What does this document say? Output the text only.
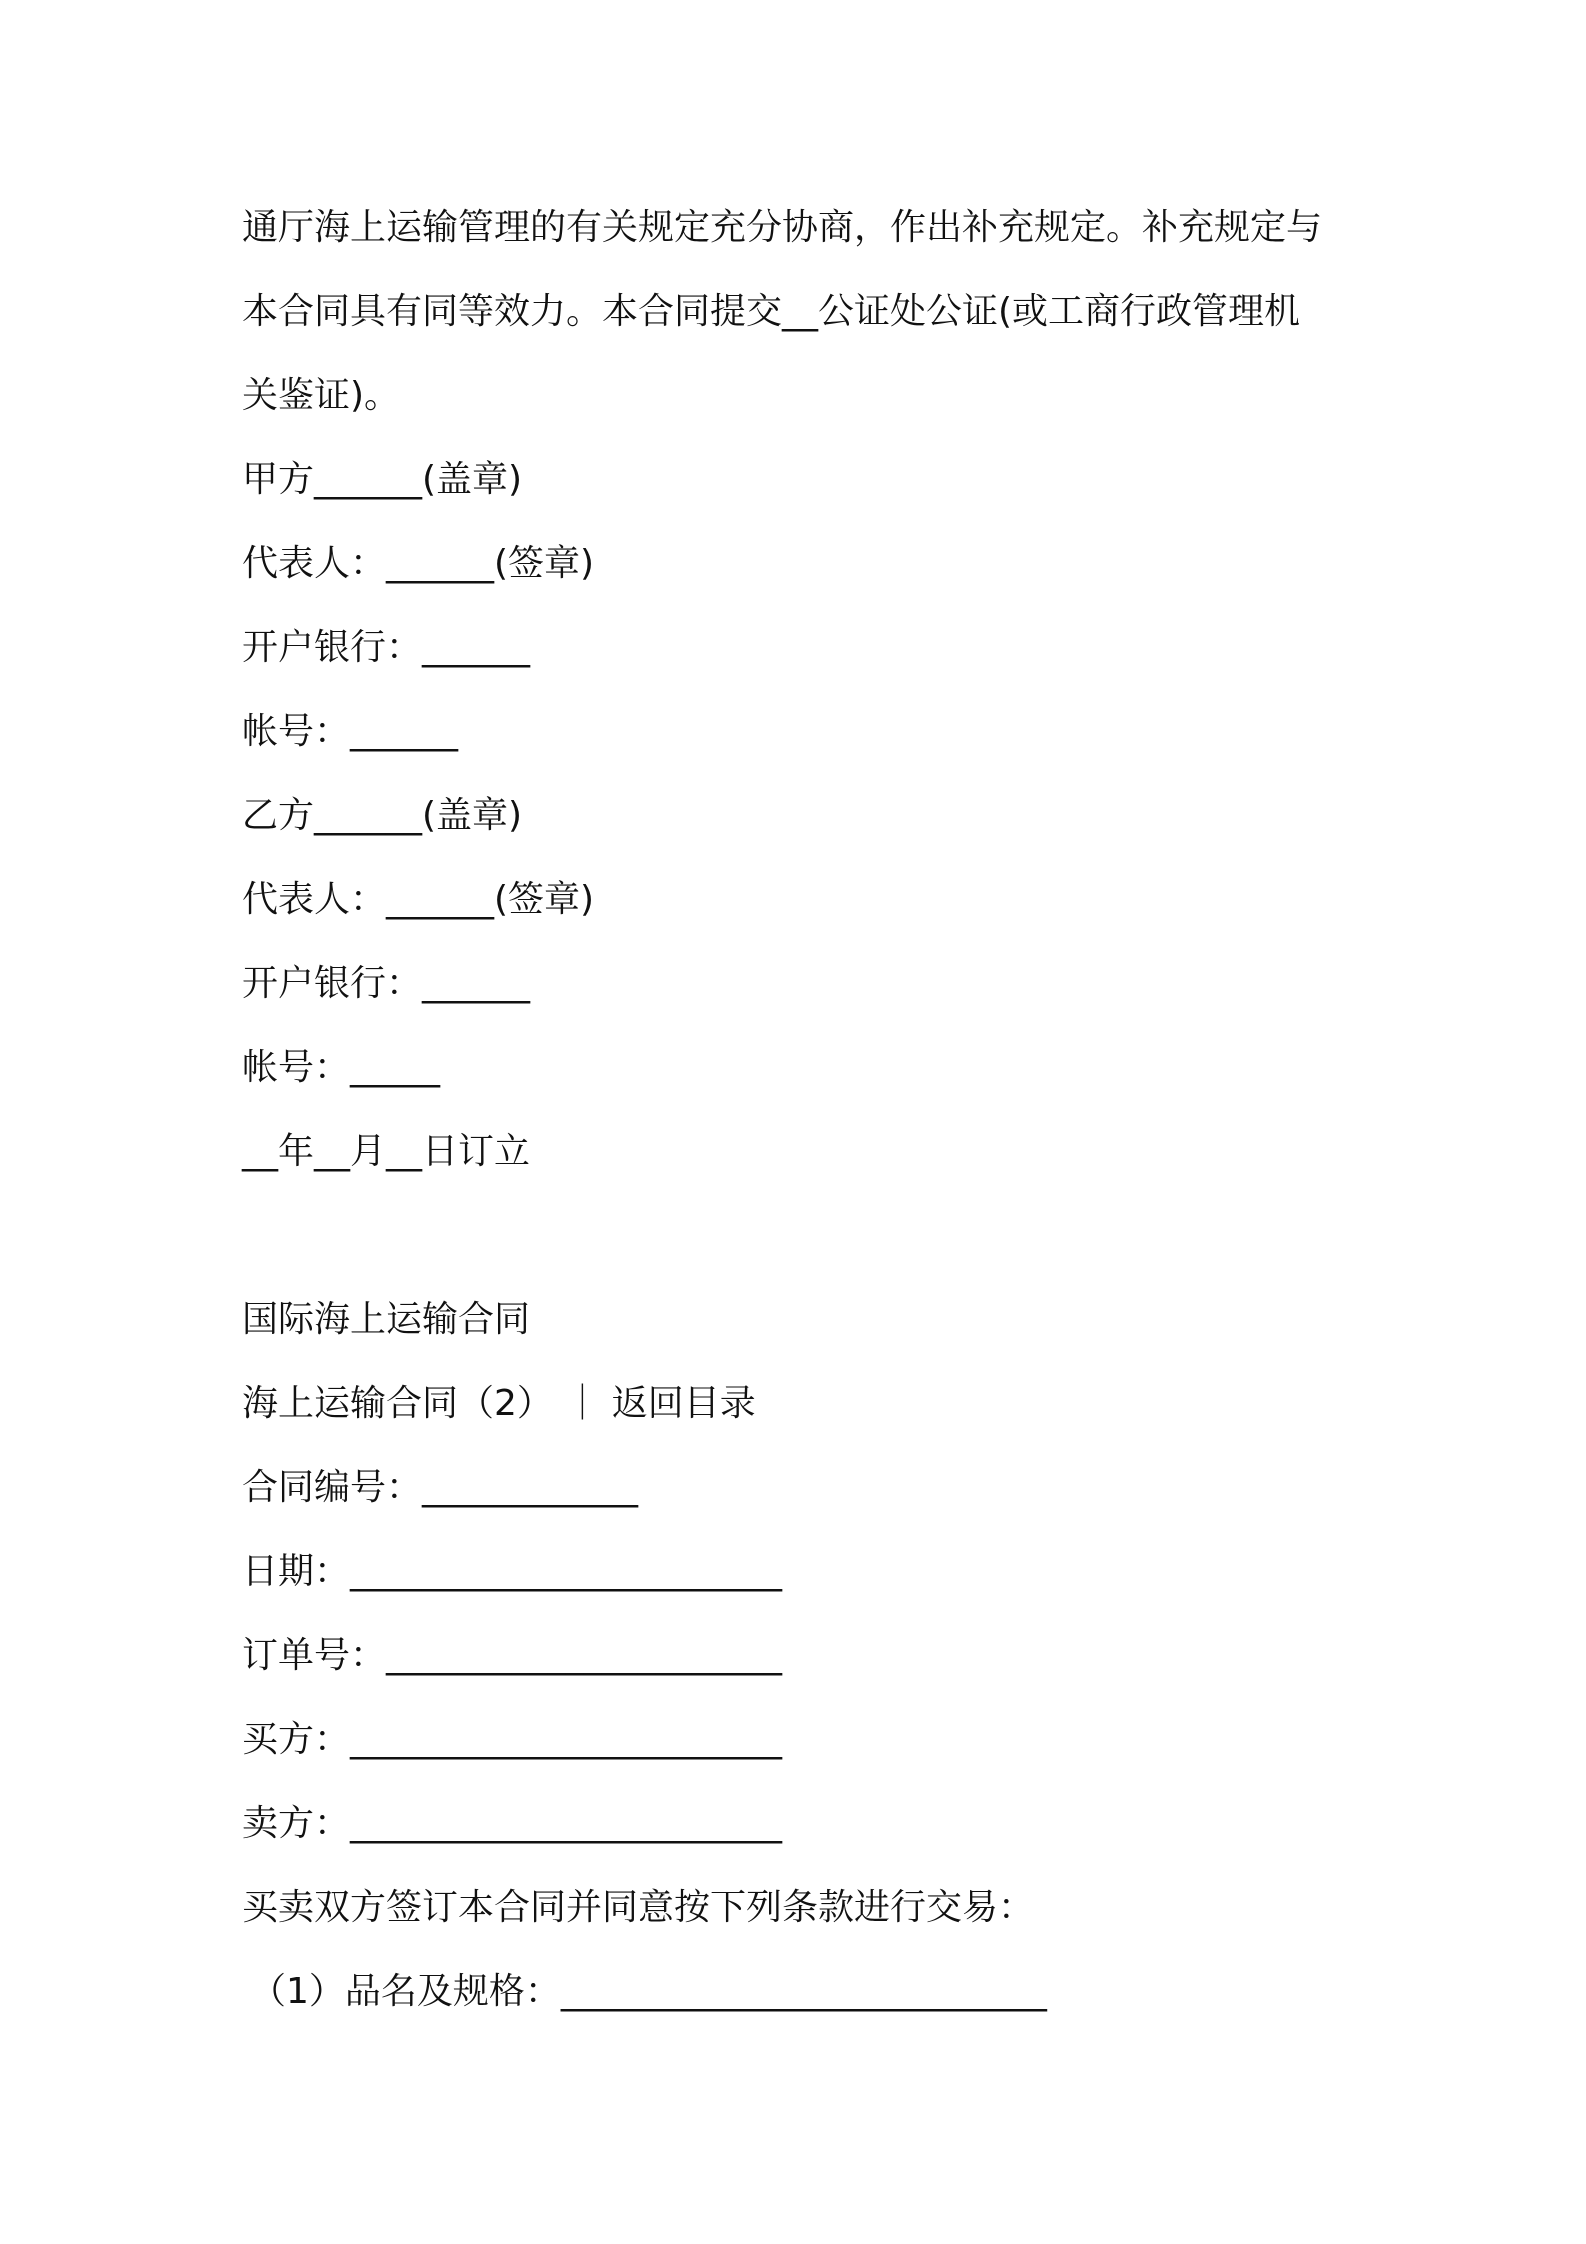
通厅海上运输管理的有关规定充分协商，作出补充规定。补充规定与
本合同具有同等效力。本合同提交__公证处公证(或工商行政管理机
关鉴证)。
甲方______(盖章)
代表人：______(签章)
开户银行：______
帐号：______
乙方______(盖章)
代表人：______(签章)
开户银行：______
帐号：_____
__年__月__日订立
国际海上运输合同
海上运输合同（2） ｜ 返回目录
合同编号：____________
日期：________________________
订单号：______________________
买方：________________________
卖方：________________________
买卖双方签订本合同并同意按下列条款进行交易：
（1）品名及规格：___________________________
